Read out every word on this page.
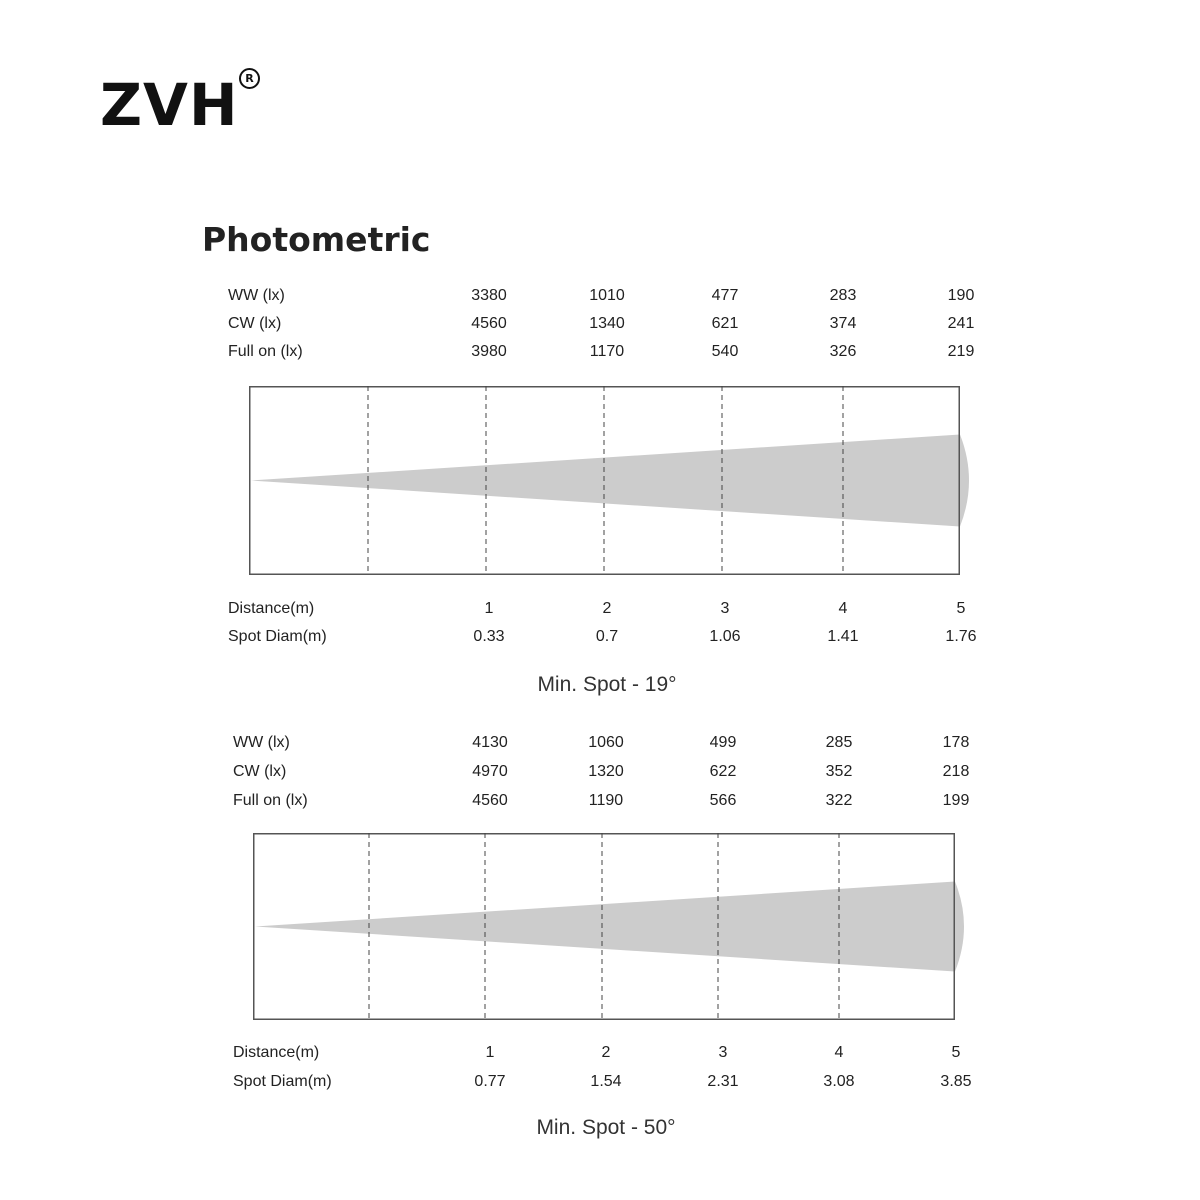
ZVH R
Photometric
WW (lx)	3380	1010	477	283	190
CW (lx)	4560	1340	621	374	241
Full on (lx)	3980	1170	540	326	219
Distance(m)	1	2	3	4	5
Spot Diam(m)	0.33	0.7	1.06	1.41	1.76
Min. Spot - 19°
WW (lx)	4130	1060	499	285	178
CW (lx)	4970	1320	622	352	218
Full on (lx)	4560	1190	566	322	199
Distance(m)	1	2	3	4	5
Spot Diam(m)	0.77	1.54	2.31	3.08	3.85
Min. Spot - 50°
